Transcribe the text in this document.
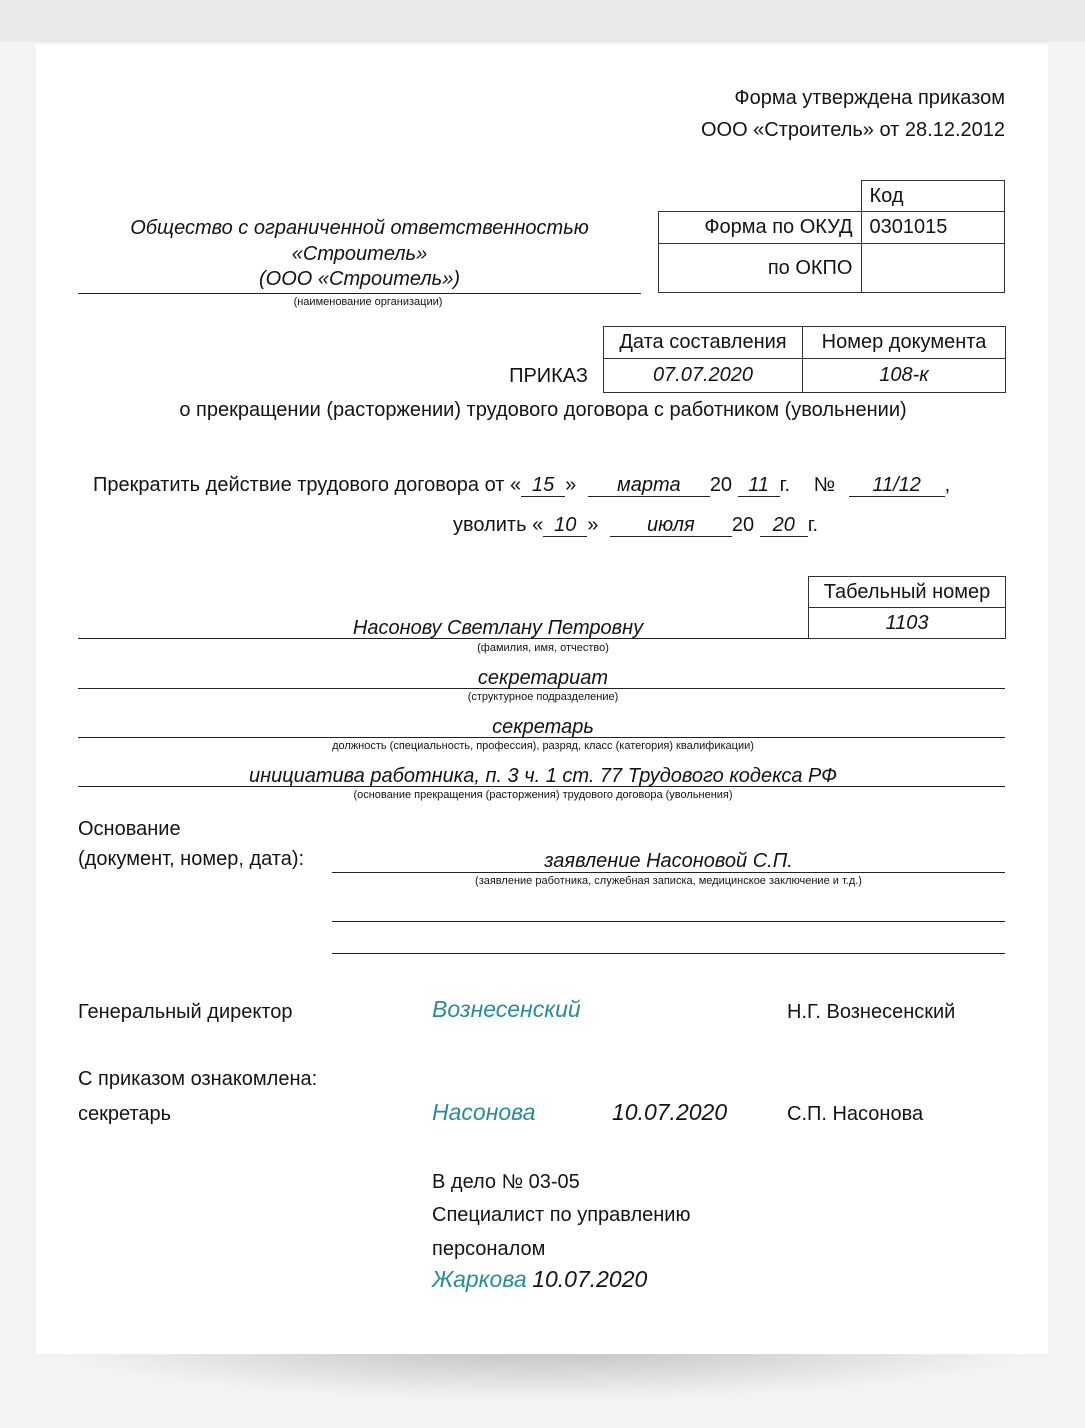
Форма утверждена приказом
ООО «Строитель» от 28.12.2012
Общество с ограниченной ответственностью
«Строитель»
(ООО «Строитель»)
(наименование организации)
	Код
Форма по ОКУД	0301015
по ОКПО	
Дата составления	Номер документа
07.07.2020	108-к
ПРИКАЗ
о прекращении (расторжении) трудового договора с работником (увольнении)
Прекратить действие трудового договора от « 15 » марта 20 11 г. № 11/12 ,
уволить « 10 » июля 20 20 г.
Табельный номер
1103
Насонову Светлану Петровну
(фамилия, имя, отчество)
секретариат
(структурное подразделение)
секретарь
должность (специальность, профессия), разряд, класс (категория) квалификации)
инициатива работника, п. 3 ч. 1 ст. 77 Трудового кодекса РФ
(основание прекращения (расторжения) трудового договора (увольнения)
Основание
(документ, номер, дата):	заявление Насоновой С.П.
(заявление работника, служебная записка, медицинское заключение и т.д.)
Генеральный директор	Вознесенский	Н.Г. Вознесенский
С приказом ознакомлена:
секретарь	Насонова	10.07.2020	С.П. Насонова
В дело № 03-05
Специалист по управлению
персоналом
Жаркова 10.07.2020
